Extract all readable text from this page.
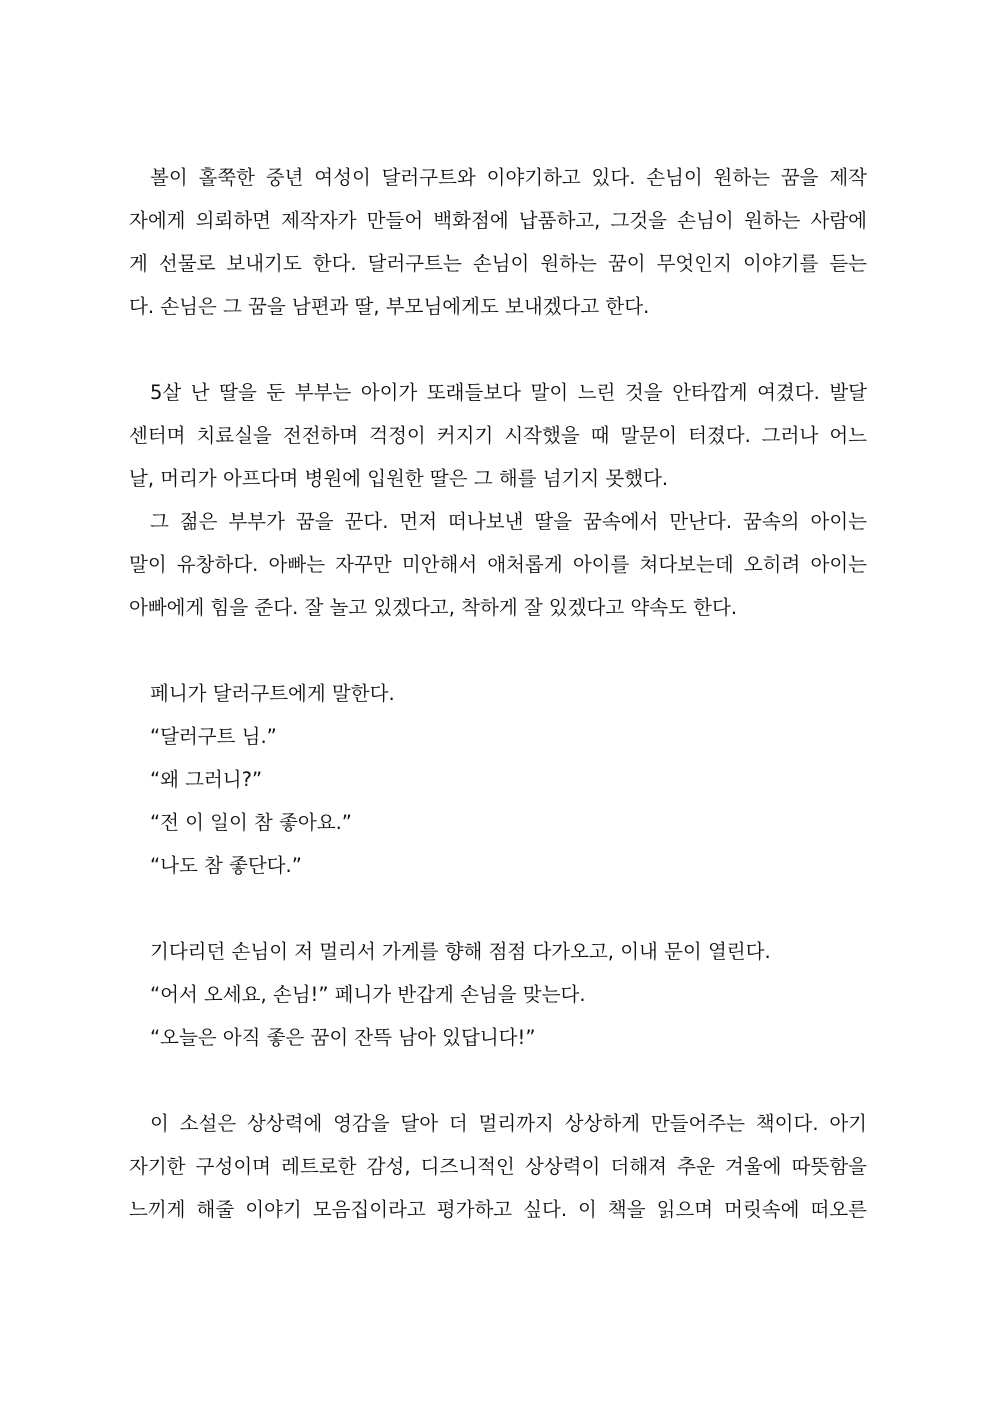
볼이 홀쭉한 중년 여성이 달러구트와 이야기하고 있다. 손님이 원하는 꿈을 제작
자에게 의뢰하면 제작자가 만들어 백화점에 납품하고, 그것을 손님이 원하는 사람에
게 선물로 보내기도 한다. 달러구트는 손님이 원하는 꿈이 무엇인지 이야기를 듣는
다. 손님은 그 꿈을 남편과 딸, 부모님에게도 보내겠다고 한다.
5살 난 딸을 둔 부부는 아이가 또래들보다 말이 느린 것을 안타깝게 여겼다. 발달
센터며 치료실을 전전하며 걱정이 커지기 시작했을 때 말문이 터졌다. 그러나 어느
날, 머리가 아프다며 병원에 입원한 딸은 그 해를 넘기지 못했다.
그 젊은 부부가 꿈을 꾼다. 먼저 떠나보낸 딸을 꿈속에서 만난다. 꿈속의 아이는
말이 유창하다. 아빠는 자꾸만 미안해서 애처롭게 아이를 쳐다보는데 오히려 아이는
아빠에게 힘을 준다. 잘 놀고 있겠다고, 착하게 잘 있겠다고 약속도 한다.
페니가 달러구트에게 말한다.
“달러구트 님.”
“왜 그러니?”
“전 이 일이 참 좋아요.”
“나도 참 좋단다.”
기다리던 손님이 저 멀리서 가게를 향해 점점 다가오고, 이내 문이 열린다.
“어서 오세요, 손님!” 페니가 반갑게 손님을 맞는다.
“오늘은 아직 좋은 꿈이 잔뜩 남아 있답니다!”
이 소설은 상상력에 영감을 달아 더 멀리까지 상상하게 만들어주는 책이다. 아기
자기한 구성이며 레트로한 감성, 디즈니적인 상상력이 더해져 추운 겨울에 따뜻함을
느끼게 해줄 이야기 모음집이라고 평가하고 싶다. 이 책을 읽으며 머릿속에 떠오른
